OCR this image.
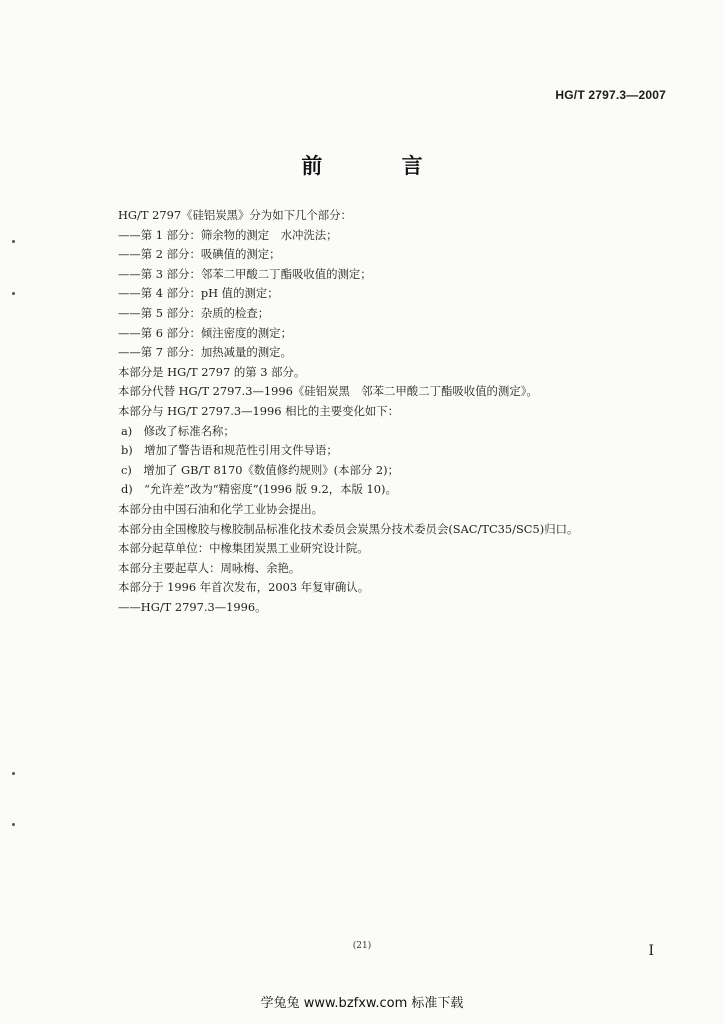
HG/T 2797.3—2007
前 言
HG/T 2797《硅铝炭黑》分为如下几个部分：
——第 1 部分：筛余物的测定　水冲洗法；
——第 2 部分：吸碘值的测定；
——第 3 部分：邻苯二甲酸二丁酯吸收值的测定；
——第 4 部分：pH 值的测定；
——第 5 部分：杂质的检查；
——第 6 部分：倾注密度的测定；
——第 7 部分：加热减量的测定。
本部分是 HG/T 2797 的第 3 部分。
本部分代替 HG/T 2797.3—1996《硅铝炭黑　邻苯二甲酸二丁酯吸收值的测定》。
本部分与 HG/T 2797.3—1996 相比的主要变化如下：
a)　修改了标准名称；
b)　增加了警告语和规范性引用文件导语；
c)　增加了 GB/T 8170《数值修约规则》(本部分 2)；
d)　“允许差”改为“精密度”(1996 版 9.2，本版 10)。
本部分由中国石油和化学工业协会提出。
本部分由全国橡胶与橡胶制品标准化技术委员会炭黑分技术委员会(SAC/TC35/SC5)归口。
本部分起草单位：中橡集团炭黑工业研究设计院。
本部分主要起草人：周咏梅、余艳。
本部分于 1996 年首次发布，2003 年复审确认。
——HG/T 2797.3—1996。
(21)	I
学兔兔 www.bzfxw.com 标准下载
